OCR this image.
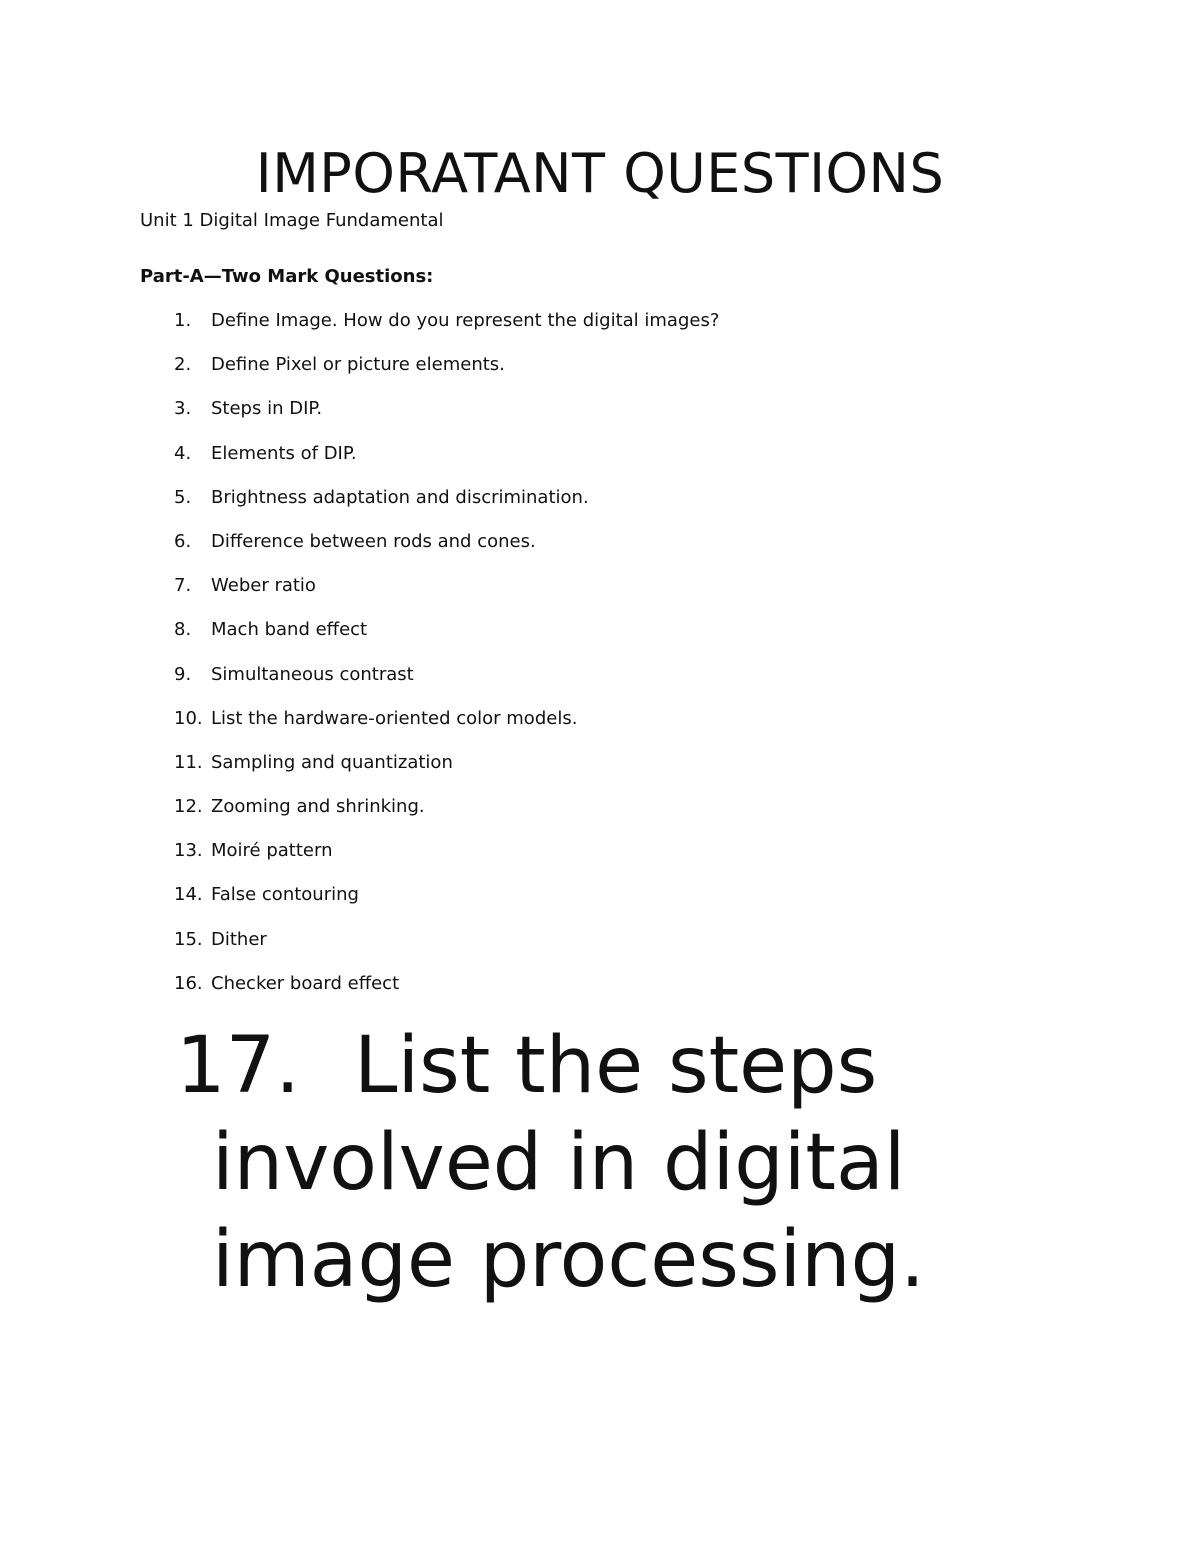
IMPORATANT QUESTIONS

Unit 1 Digital Image Fundamental

Part-A—Two Mark Questions:

1.	Define Image. How do you represent the digital images?
2.	Define Pixel or picture elements.
3.	Steps in DIP.
4.	Elements of DIP.
5.	Brightness adaptation and discrimination.
6.	Difference between rods and cones.
7.	Weber ratio
8.	Mach band effect
9.	Simultaneous contrast
10. List the hardware-oriented color models.
11. Sampling and quantization
12. Zooming and shrinking.
13. Moiré pattern
14. False contouring
15. Dither
16. Checker board effect
17. List the steps involved in digital image processing.
